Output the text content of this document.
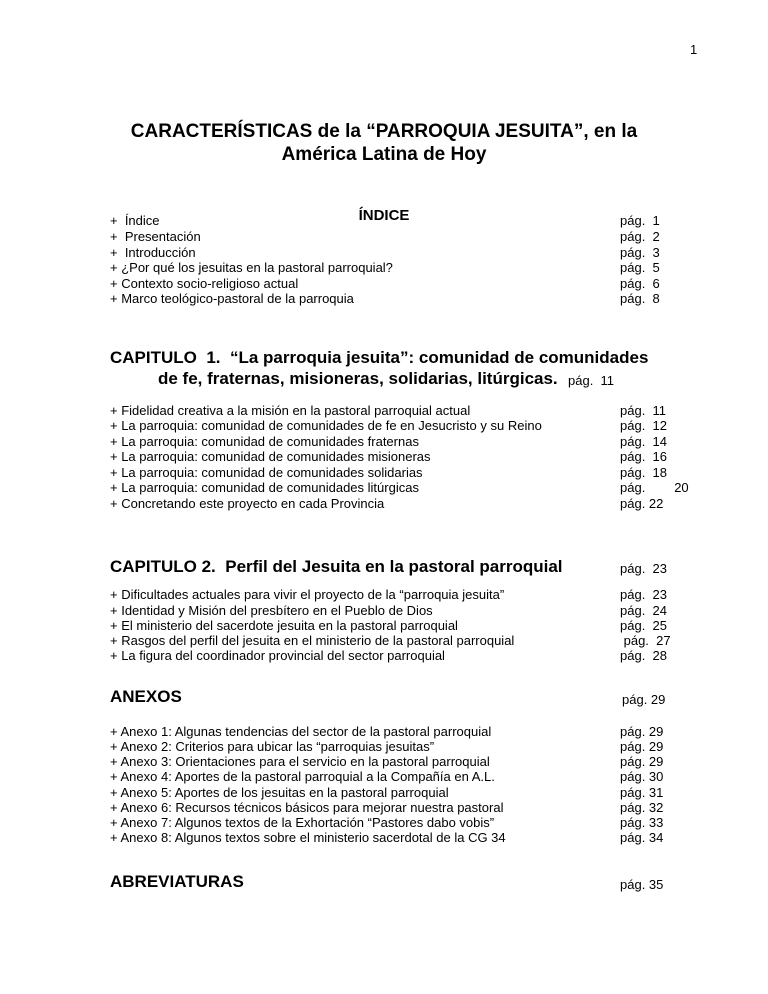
1
CARACTERÍSTICAS de la “PARROQUIA JESUITA”, en la
América Latina de Hoy
ÍNDICE
+  Índice	pág.  1
+  Presentación	pág.  2
+  Introducción	pág.  3
+ ¿Por qué los jesuitas en la pastoral parroquial?	pág.  5
+ Contexto socio-religioso actual	pág.  6
+ Marco teológico-pastoral de la parroquia	pág.  8
CAPITULO  1.  “La parroquia jesuita”: comunidad de comunidades
de fe, fraternas, misioneras, solidarias, litúrgicas. pág.  11
+ Fidelidad creativa a la misión en la pastoral parroquial actual	pág.  11
+ La parroquia: comunidad de comunidades de fe en Jesucristo y su Reino	pág.  12
+ La parroquia: comunidad de comunidades fraternas	pág.  14
+ La parroquia: comunidad de comunidades misioneras	pág.  16
+ La parroquia: comunidad de comunidades solidarias	pág.  18
+ La parroquia: comunidad de comunidades litúrgicas	pág.        20
+ Concretando este proyecto en cada Provincia	pág. 22
CAPITULO 2.  Perfil del Jesuita en la pastoral parroquial	pág.  23
+ Dificultades actuales para vivir el proyecto de la “parroquia jesuita”	pág.  23
+ Identidad y Misión del presbítero en el Pueblo de Dios	pág.  24
+ El ministerio del sacerdote jesuita en la pastoral parroquial	pág.  25
+ Rasgos del perfil del jesuita en el ministerio de la pastoral parroquial	pág.  27
+ La figura del coordinador provincial del sector parroquial	pág.  28
ANEXOS	pág. 29
+ Anexo 1: Algunas tendencias del sector de la pastoral parroquial	pág. 29
+ Anexo 2: Criterios para ubicar las “parroquias jesuitas”	pág. 29
+ Anexo 3: Orientaciones para el servicio en la pastoral parroquial	pág. 29
+ Anexo 4: Aportes de la pastoral parroquial a la Compañía en A.L.	pág. 30
+ Anexo 5: Aportes de los jesuitas en la pastoral parroquial	pág. 31
+ Anexo 6: Recursos técnicos básicos para mejorar nuestra pastoral	pág. 32
+ Anexo 7: Algunos textos de la Exhortación “Pastores dabo vobis”	pág. 33
+ Anexo 8: Algunos textos sobre el ministerio sacerdotal de la CG 34	pág. 34
ABREVIATURAS	pág. 35
